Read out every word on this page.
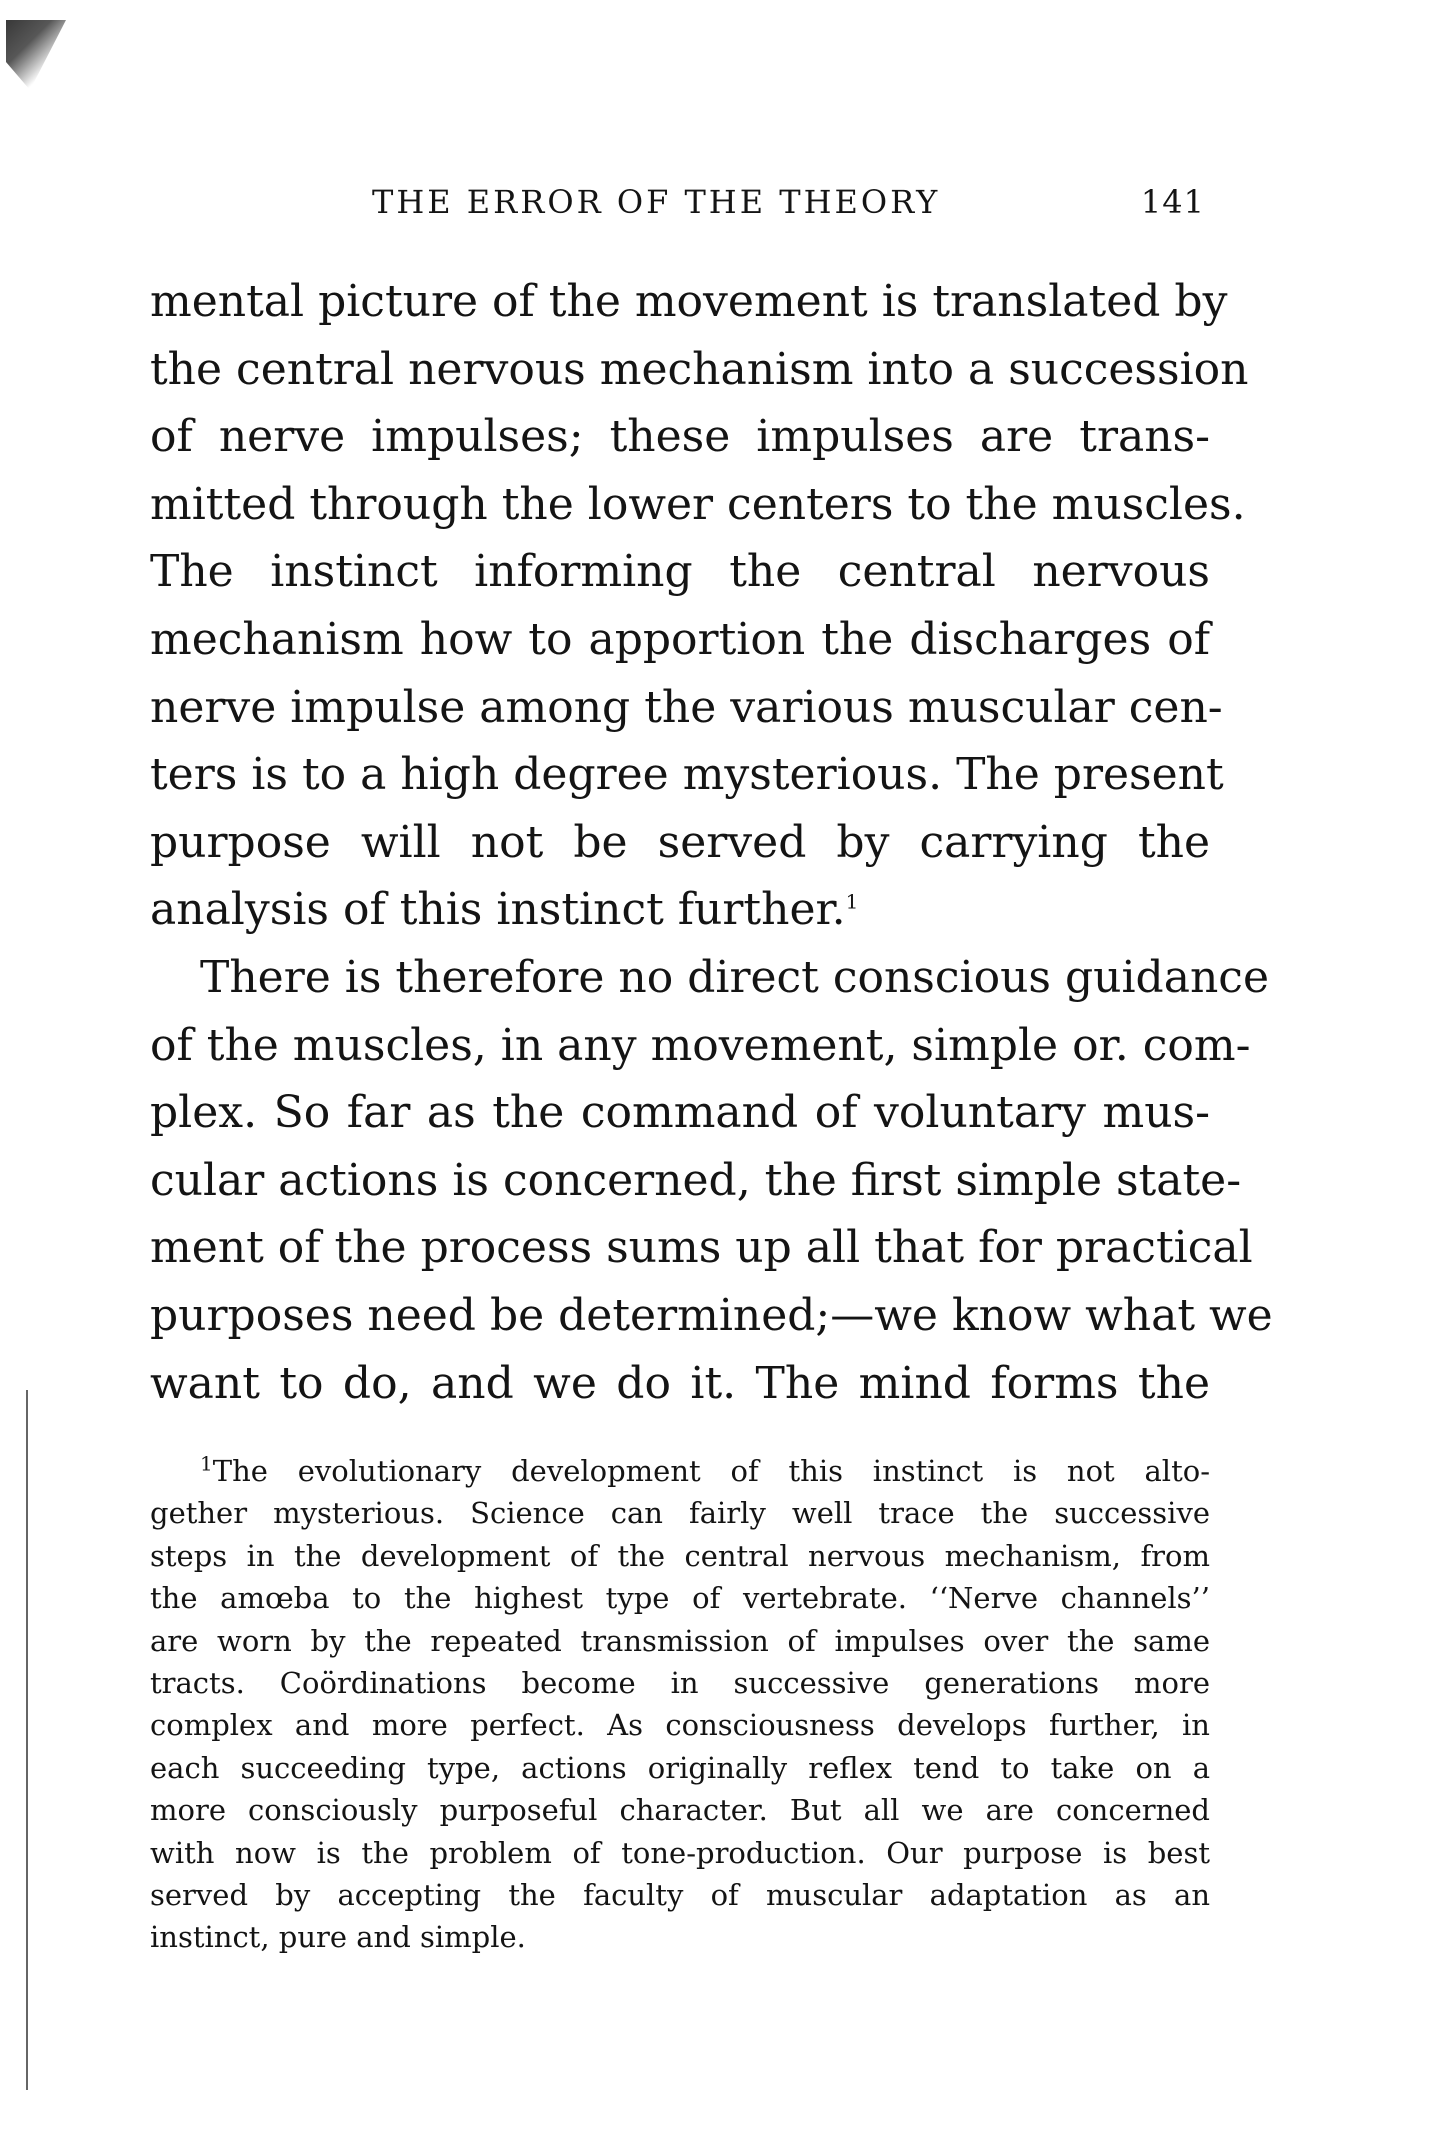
THE ERROR OF THE THEORY	141
mental picture of the movement is translated by
the central nervous mechanism into a succession
of nerve impulses; these impulses are trans-
mitted through the lower centers to the muscles.
The instinct informing the central nervous
mechanism how to apportion the discharges of
nerve impulse among the various muscular cen-
ters is to a high degree mysterious. The present
purpose will not be served by carrying the
analysis of this instinct further.$^1$
There is therefore no direct conscious guidance
of the muscles, in any movement, simple or. com-
plex. So far as the command of voluntary mus-
cular actions is concerned, the first simple state-
ment of the process sums up all that for practical
purposes need be determined;—we know what we
want to do, and we do it. The mind forms the
$^1$The evolutionary development of this instinct is not alto-
gether mysterious. Science can fairly well trace the successive
steps in the development of the central nervous mechanism, from
the amœba to the highest type of vertebrate. ‘‘Nerve channels’’
are worn by the repeated transmission of impulses over the same
tracts. Coördinations become in successive generations more
complex and more perfect. As consciousness develops further, in
each succeeding type, actions originally reflex tend to take on a
more consciously purposeful character. But all we are concerned
with now is the problem of tone-production. Our purpose is best
served by accepting the faculty of muscular adaptation as an
instinct, pure and simple.
